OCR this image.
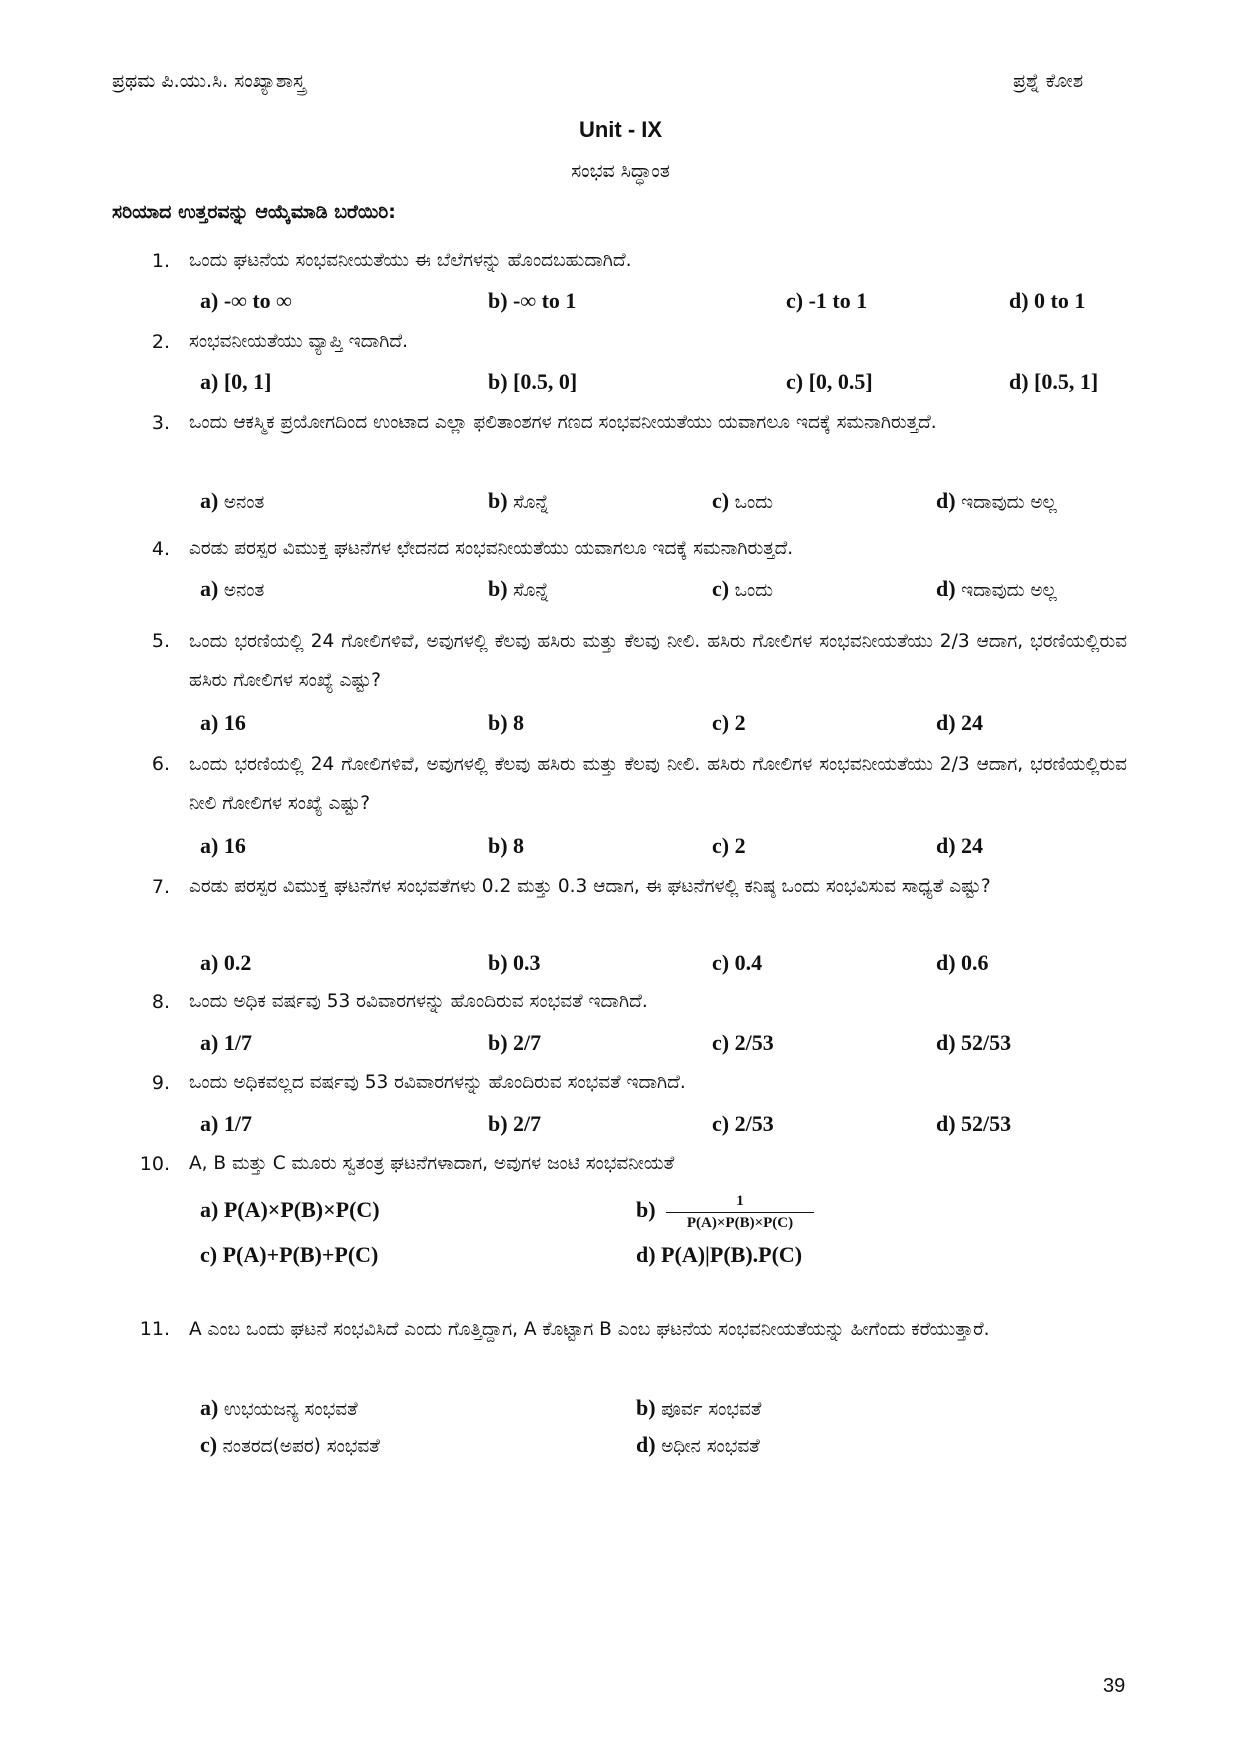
ಪ್ರಥಮ ಪಿ.ಯು.ಸಿ. ಸಂಖ್ಯಾಶಾಸ್ತ್ರ	ಪ್ರಶ್ನೆ ಕೋಶ
Unit - IX
ಸಂಭವ ಸಿದ್ಧಾಂತ
ಸರಿಯಾದ ಉತ್ತರವನ್ನು ಆಯ್ಕೆಮಾಡಿ ಬರೆಯಿರಿ:
1. ಒಂದು ಘಟನೆಯ ಸಂಭವನೀಯತೆಯು ಈ ಬೆಲೆಗಳನ್ನು ಹೊಂದಬಹುದಾಗಿದೆ.
a) -∞ to ∞	b) -∞ to 1	c) -1 to 1	d) 0 to 1
2. ಸಂಭವನೀಯತೆಯು ವ್ಯಾಪ್ತಿ ಇದಾಗಿದೆ.
a) [0, 1]	b) [0.5, 0]	c) [0, 0.5]	d) [0.5, 1]
3. ಒಂದು ಆಕಸ್ಮಿಕ ಪ್ರಯೋಗದಿಂದ ಉಂಟಾದ ಎಲ್ಲಾ ಫಲಿತಾಂಶಗಳ ಗಣದ ಸಂಭವನೀಯತೆಯು ಯವಾಗಲೂ ಇದಕ್ಕೆ ಸಮನಾಗಿರುತ್ತದೆ.
a) ಅನಂತ	b) ಸೊನ್ನೆ	c) ಒಂದು	d) ಇದಾವುದು ಅಲ್ಲ
4. ಎರಡು ಪರಸ್ಪರ ವಿಮುಕ್ತ ಘಟನೆಗಳ ಛೇದನದ ಸಂಭವನೀಯತೆಯು ಯವಾಗಲೂ ಇದಕ್ಕೆ ಸಮನಾಗಿರುತ್ತದೆ.
a) ಅನಂತ	b) ಸೊನ್ನೆ	c) ಒಂದು	d) ಇದಾವುದು ಅಲ್ಲ
5. ಒಂದು ಭರಣಿಯಲ್ಲಿ 24 ಗೋಲಿಗಳಿವೆ, ಅವುಗಳಲ್ಲಿ ಕೆಲವು ಹಸಿರು ಮತ್ತು ಕೆಲವು ನೀಲಿ. ಹಸಿರು ಗೋಲಿಗಳ ಸಂಭವನೀಯತೆಯು 2/3 ಆದಾಗ, ಭರಣಿಯಲ್ಲಿರುವ ಹಸಿರು ಗೋಲಿಗಳ ಸಂಖ್ಯೆ ಎಷ್ಟು?
a) 16	b) 8	c) 2	d) 24
6. ಒಂದು ಭರಣಿಯಲ್ಲಿ 24 ಗೋಲಿಗಳಿವೆ, ಅವುಗಳಲ್ಲಿ ಕೆಲವು ಹಸಿರು ಮತ್ತು ಕೆಲವು ನೀಲಿ. ಹಸಿರು ಗೋಲಿಗಳ ಸಂಭವನೀಯತೆಯು 2/3 ಆದಾಗ, ಭರಣಿಯಲ್ಲಿರುವ ನೀಲಿ ಗೋಲಿಗಳ ಸಂಖ್ಯೆ ಎಷ್ಟು?
a) 16	b) 8	c) 2	d) 24
7. ಎರಡು ಪರಸ್ಪರ ವಿಮುಕ್ತ ಘಟನೆಗಳ ಸಂಭವತೆಗಳು 0.2 ಮತ್ತು 0.3 ಆದಾಗ, ಈ ಘಟನೆಗಳಲ್ಲಿ ಕನಿಷ್ಠ ಒಂದು ಸಂಭವಿಸುವ ಸಾಧ್ಯತೆ ಎಷ್ಟು?
a) 0.2	b) 0.3	c) 0.4	d) 0.6
8. ಒಂದು ಅಧಿಕ ವರ್ಷವು 53 ರವಿವಾರಗಳನ್ನು ಹೊಂದಿರುವ ಸಂಭವತೆ ಇದಾಗಿದೆ.
a) 1/7	b) 2/7	c) 2/53	d) 52/53
9. ಒಂದು ಅಧಿಕವಲ್ಲದ ವರ್ಷವು 53 ರವಿವಾರಗಳನ್ನು ಹೊಂದಿರುವ ಸಂಭವತೆ ಇದಾಗಿದೆ.
a) 1/7	b) 2/7	c) 2/53	d) 52/53
10. A, B ಮತ್ತು C ಮೂರು ಸ್ವತಂತ್ರ ಘಟನೆಗಳಾದಾಗ, ಅವುಗಳ ಜಂಟಿ ಸಂಭವನೀಯತೆ
a) P(A)×P(B)×P(C)	$b) \frac{1}{P(A)\times P(B)\times P(C)}$
c) P(A)+P(B)+P(C)	d) P(A)|P(B).P(C)
11. A ಎಂಬ ಒಂದು ಘಟನೆ ಸಂಭವಿಸಿದೆ ಎಂದು ಗೊತ್ತಿದ್ದಾಗ, A ಕೊಟ್ಟಾಗ B ಎಂಬ ಘಟನೆಯ ಸಂಭವನೀಯತೆಯನ್ನು ಹೀಗೆಂದು ಕರೆಯುತ್ತಾರೆ.
a) ಉಭಯಜನ್ಯ ಸಂಭವತೆ	b) ಪೂರ್ವ ಸಂಭವತೆ
c) ನಂತರದ(ಅಪರ) ಸಂಭವತೆ	d) ಅಧೀನ ಸಂಭವತೆ
39
